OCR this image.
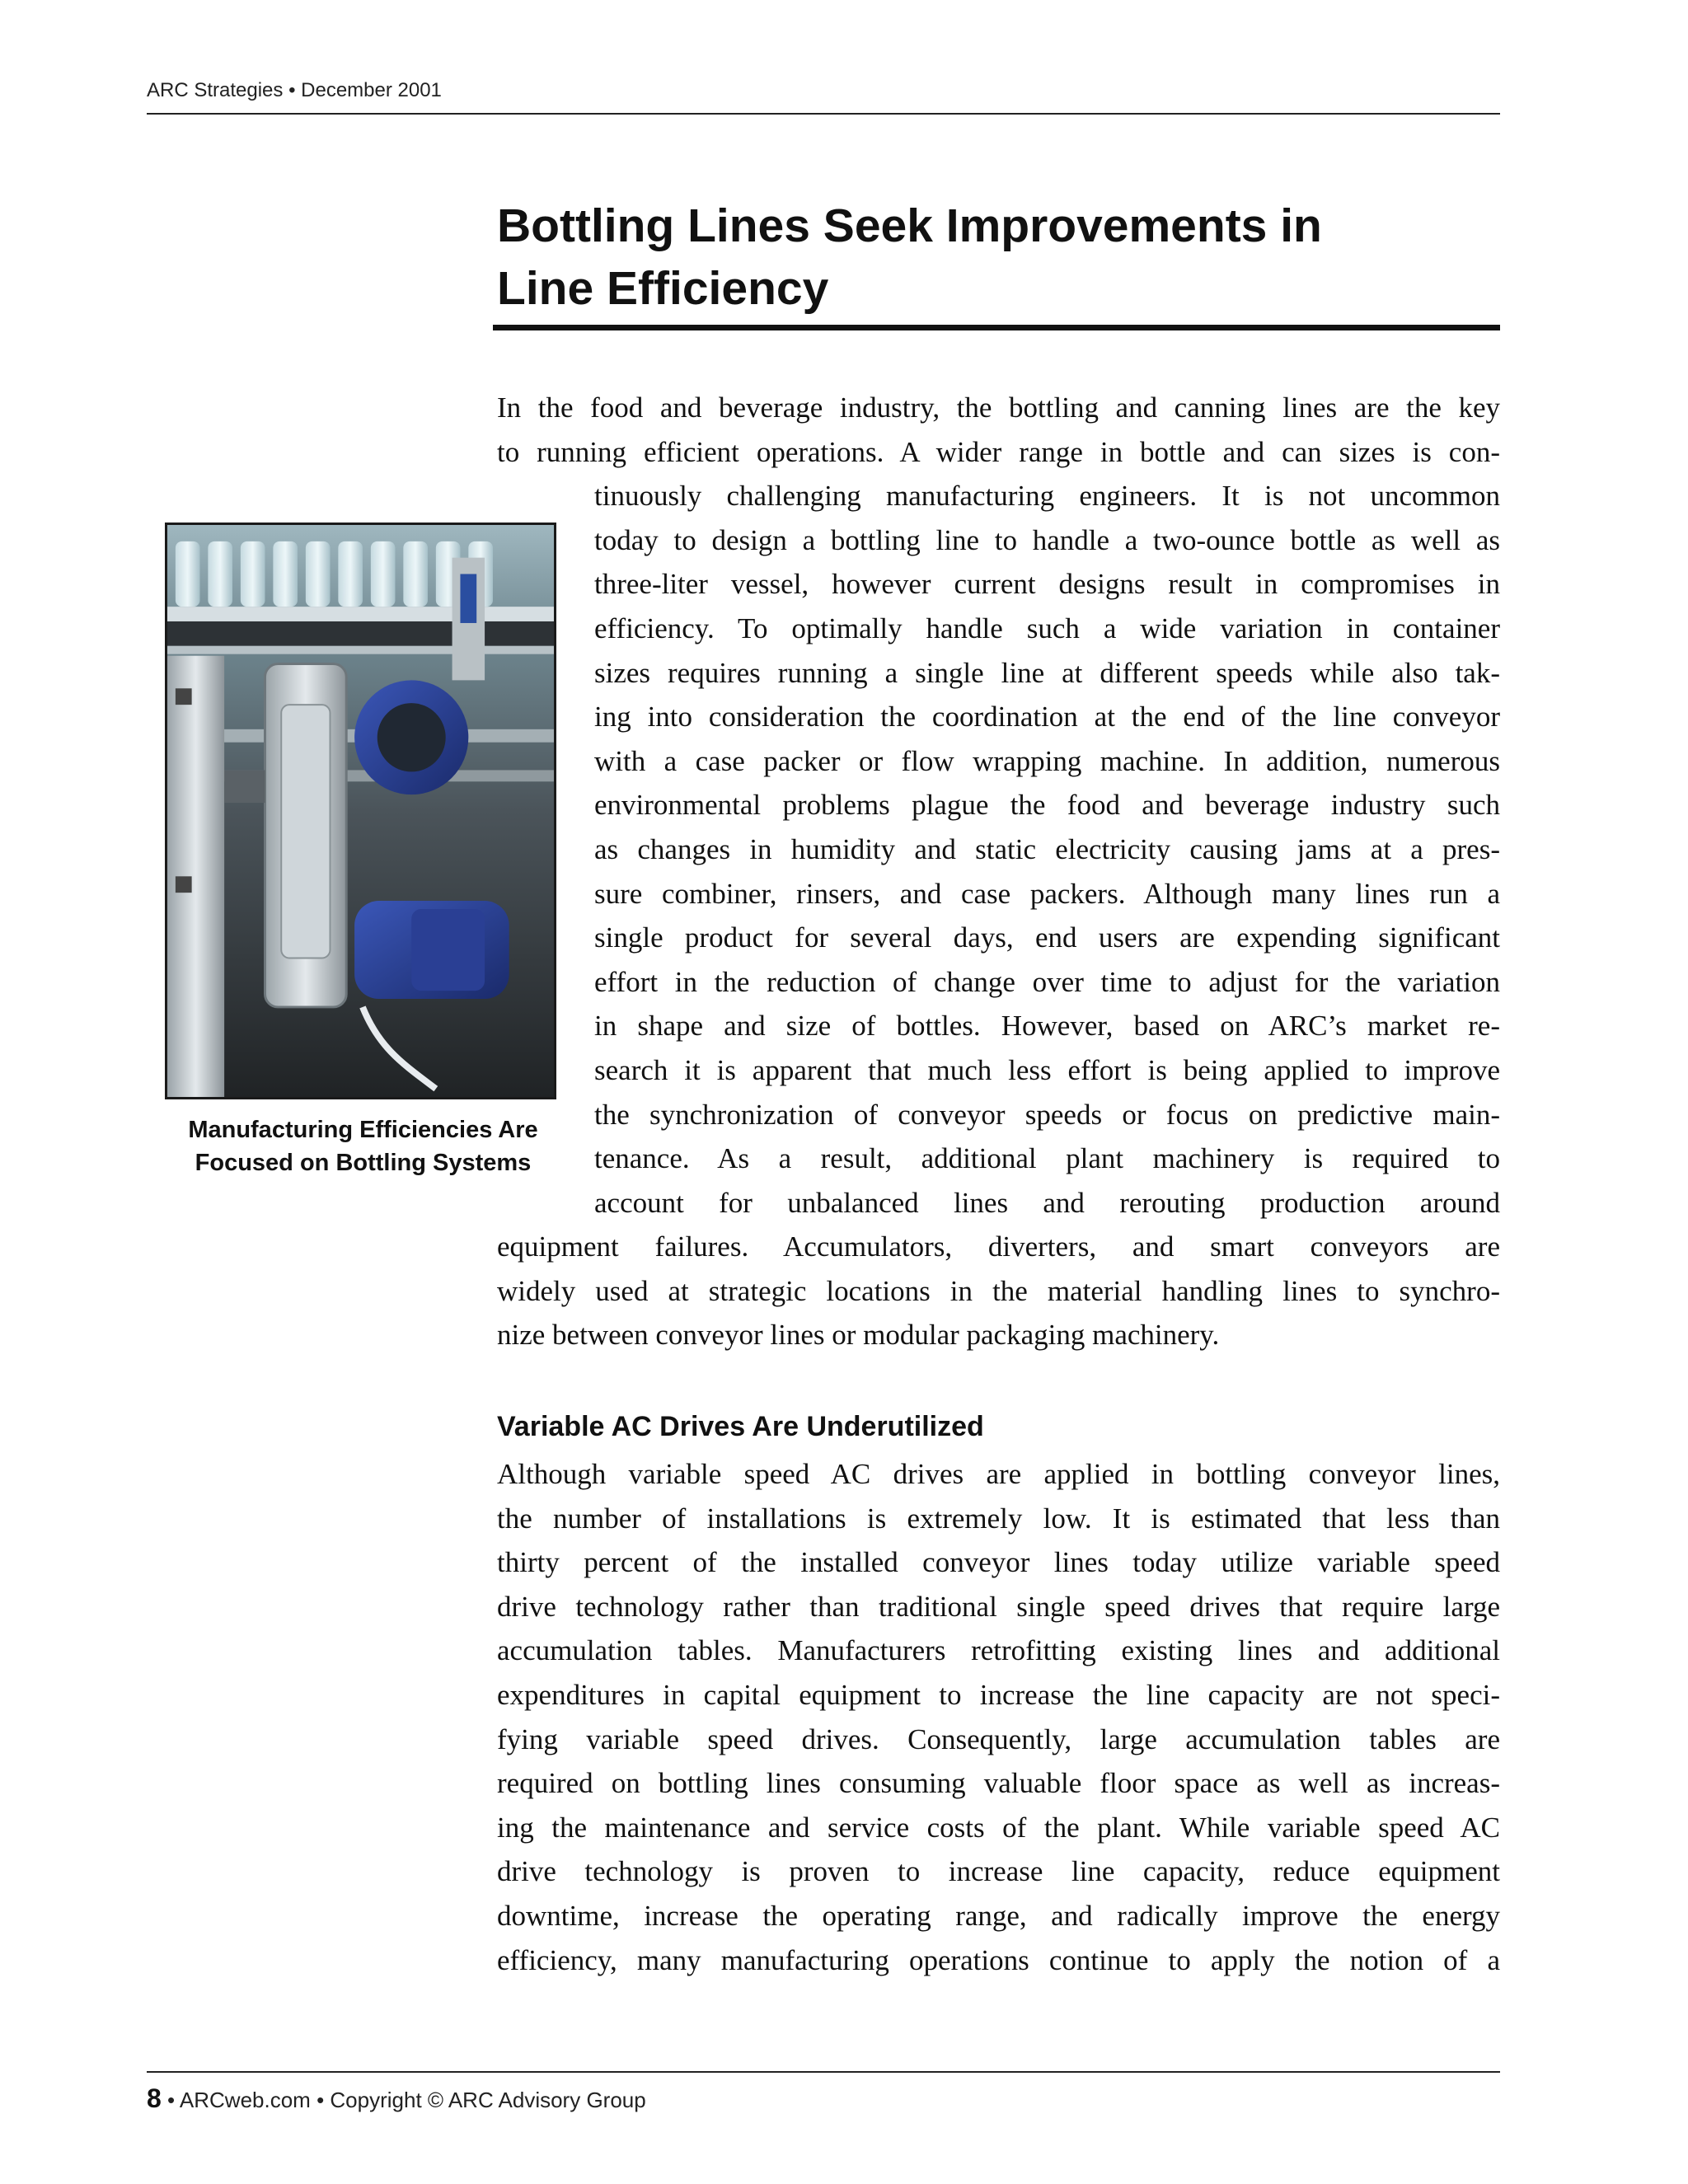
ARC Strategies • December 2001
Bottling Lines Seek Improvements in
Line Efficiency

Manufacturing Efficiencies Are
Focused on Bottling Systems

In the food and beverage industry, the bottling and canning lines are the key
to running efficient operations. A wider range in bottle and can sizes is con-
tinuously challenging manufacturing engineers. It is not uncommon
today to design a bottling line to handle a two-ounce bottle as well as
three-liter vessel, however current designs result in compromises in
efficiency. To optimally handle such a wide variation in container
sizes requires running a single line at different speeds while also tak-
ing into consideration the coordination at the end of the line conveyor
with a case packer or flow wrapping machine. In addition, numerous
environmental problems plague the food and beverage industry such
as changes in humidity and static electricity causing jams at a pres-
sure combiner, rinsers, and case packers. Although many lines run a
single product for several days, end users are expending significant
effort in the reduction of change over time to adjust for the variation
in shape and size of bottles. However, based on ARC’s market re-
search it is apparent that much less effort is being applied to improve
the synchronization of conveyor speeds or focus on predictive main-
tenance. As a result, additional plant machinery is required to
account for unbalanced lines and rerouting production around
equipment failures. Accumulators, diverters, and smart conveyors are
widely used at strategic locations in the material handling lines to synchro-
nize between conveyor lines or modular packaging machinery.
Variable AC Drives Are Underutilized
Although variable speed AC drives are applied in bottling conveyor lines,
the number of installations is extremely low. It is estimated that less than
thirty percent of the installed conveyor lines today utilize variable speed
drive technology rather than traditional single speed drives that require large
accumulation tables. Manufacturers retrofitting existing lines and additional
expenditures in capital equipment to increase the line capacity are not speci-
fying variable speed drives. Consequently, large accumulation tables are
required on bottling lines consuming valuable floor space as well as increas-
ing the maintenance and service costs of the plant. While variable speed AC
drive technology is proven to increase line capacity, reduce equipment
downtime, increase the operating range, and radically improve the energy
efficiency, many manufacturing operations continue to apply the notion of a
8 • ARCweb.com • Copyright © ARC Advisory Group
